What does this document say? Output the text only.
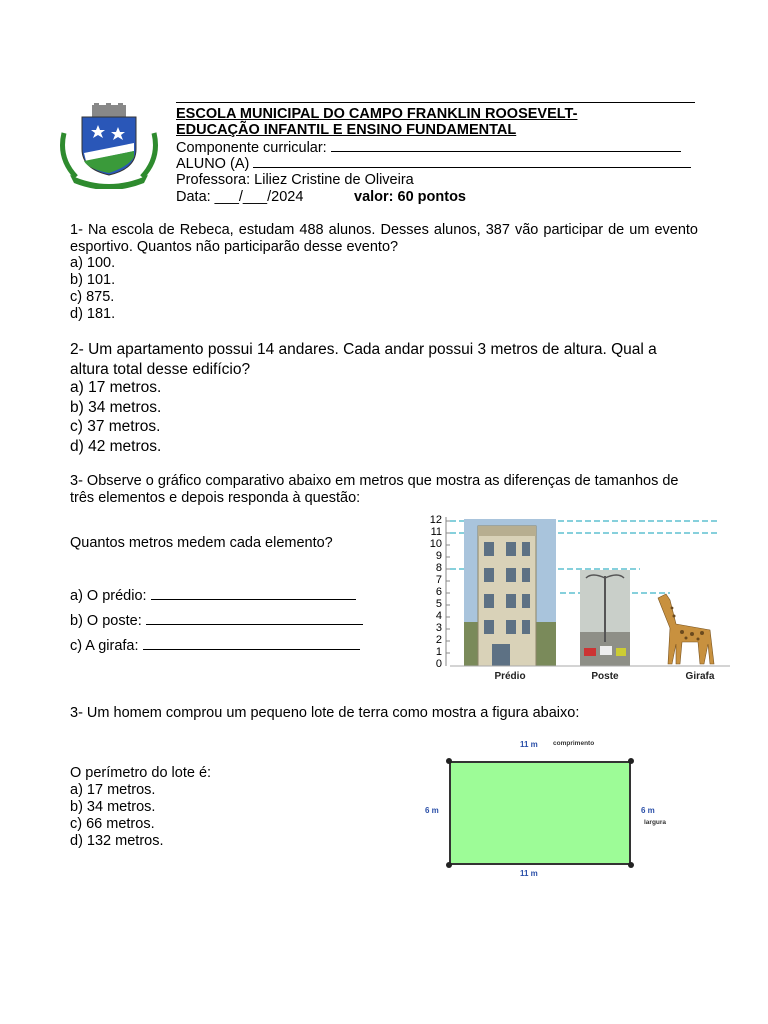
ESCOLA MUNICIPAL DO CAMPO FRANKLIN ROOSEVELT-
EDUCAÇÃO INFANTIL E ENSINO FUNDAMENTAL
Componente curricular:
ALUNO (A)
Professora: Liliez Cristine de Oliveira
Data: ___/___/2024	valor: 60 pontos
1- Na escola de Rebeca, estudam 488 alunos. Desses alunos, 387 vão participar de um evento esportivo. Quantos não participarão desse evento?
a) 100.
b) 101.
c) 875.
d) 181.
2- Um apartamento possui 14 andares. Cada andar possui 3 metros de altura. Qual a altura total desse edifício?
a) 17 metros.
b) 34 metros.
c) 37 metros.
d) 42 metros.
3- Observe o gráfico comparativo abaixo em metros que mostra as diferenças de tamanhos de três elementos e depois responda à questão:
Quantos metros medem cada elemento?
a) O prédio:
b) O poste:
c) A girafa:
12
11
10
9
8
7
6
5
4
3
2
1
0
Prédio	Poste	Girafa
3- Um homem comprou um pequeno lote de terra como mostra a figura abaixo:
O perímetro do lote é:
a) 17 metros.
b) 34 metros.
c) 66 metros.
d) 132 metros.
11 m comprimento
11 m
6 m	6 m
largura
